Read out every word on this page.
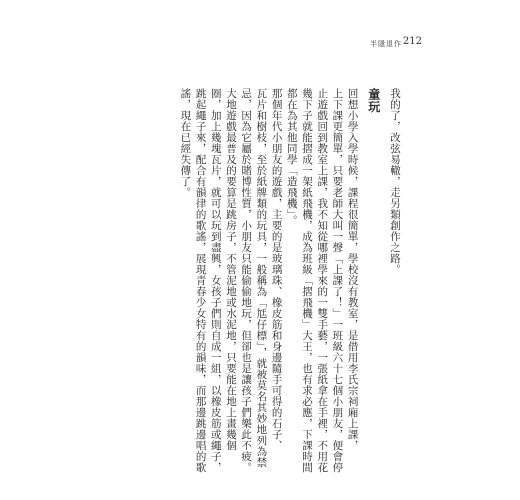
半隱退作 212
我的了，改弦易轍，走另類創作之路。
童玩
回想小學入學時候，課程很簡單，學校沒有教室，是借用李氏宗祠廂上課，
上下課更簡單，只要老師大叫一聲「上課了！」一班級六十七個小朋友，便會停
止遊戲回到教室上課，我不知從哪裡學來的一雙手藝，一張紙拿在手裡，不用花
幾下子就能摺成一架紙飛機，成為班級「摺飛機」大王，也有求必應，下課時間
都在為其他同學「造飛機」。
那個年代小朋友的遊戲，主要的是玻璃珠、橡皮筋和身邊隨手可得的石子、
瓦片和樹枝，至於紙牌類的玩具，一般稱為「尪仔標」，就被莫名其妙地列為禁
忌，因為它屬於賭博性質，小朋友只能偷偷地玩，但卻也是讓孩子們樂此不疲。
大地遊戲最普及的要算是跳房子，不管泥地或水泥地，只要能在地上畫幾個
圈，加上幾塊瓦片，就可以玩到盡興，女孩子們則自成一組，以橡皮筋或繩子，
跳起繩子來，配合有韻律的歌謠，展現青春少女特有的韻味，而那邊跳邊唱的歌
謠，現在已經失傳了。
